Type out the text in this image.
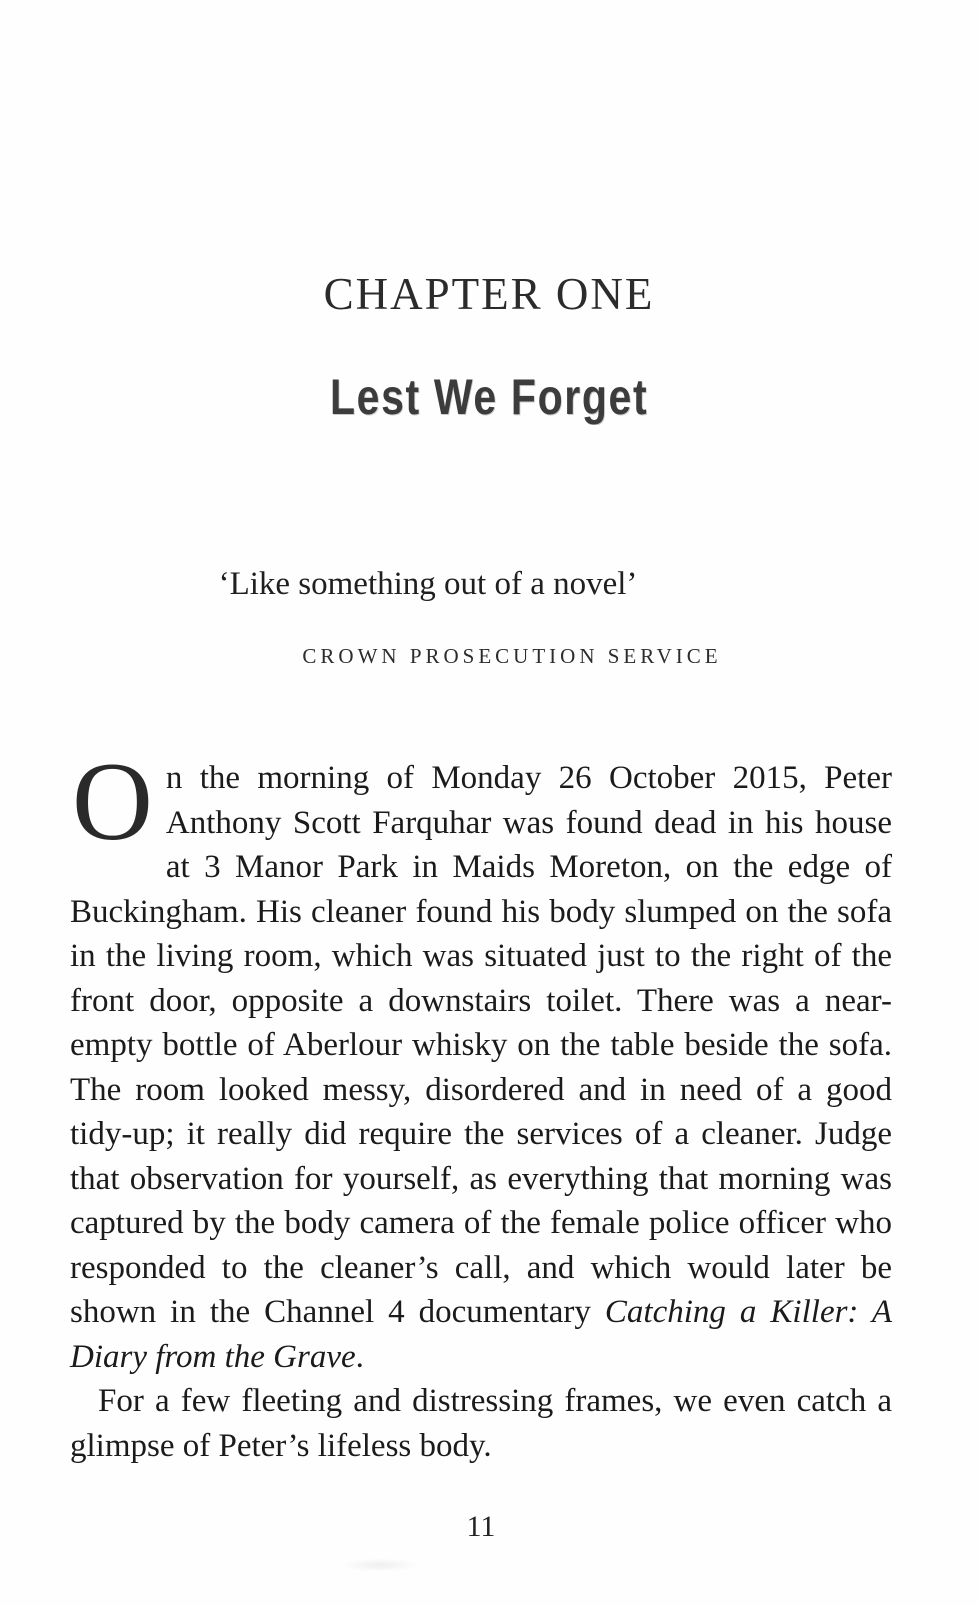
CHAPTER ONE
Lest We Forget
‘Like something out of a novel’
CROWN PROSECUTION SERVICE

On the morning of Monday 26 October 2015, Peter Anthony Scott Farquhar was found dead in his house at 3 Manor Park in Maids Moreton, on the edge of Buckingham. His cleaner found his body slumped on the sofa in the living room, which was situated just to the right of the front door, opposite a downstairs toilet. There was a near-empty bottle of Aberlour whisky on the table beside the sofa. The room looked messy, disordered and in need of a good tidy-up; it really did require the services of a cleaner. Judge that observation for yourself, as everything that morning was captured by the body camera of the female police officer who responded to the cleaner’s call, and which would later be shown in the Channel 4 documentary Catching a Killer: A Diary from the Grave.

For a few fleeting and distressing frames, we even catch a glimpse of Peter’s lifeless body.

11
